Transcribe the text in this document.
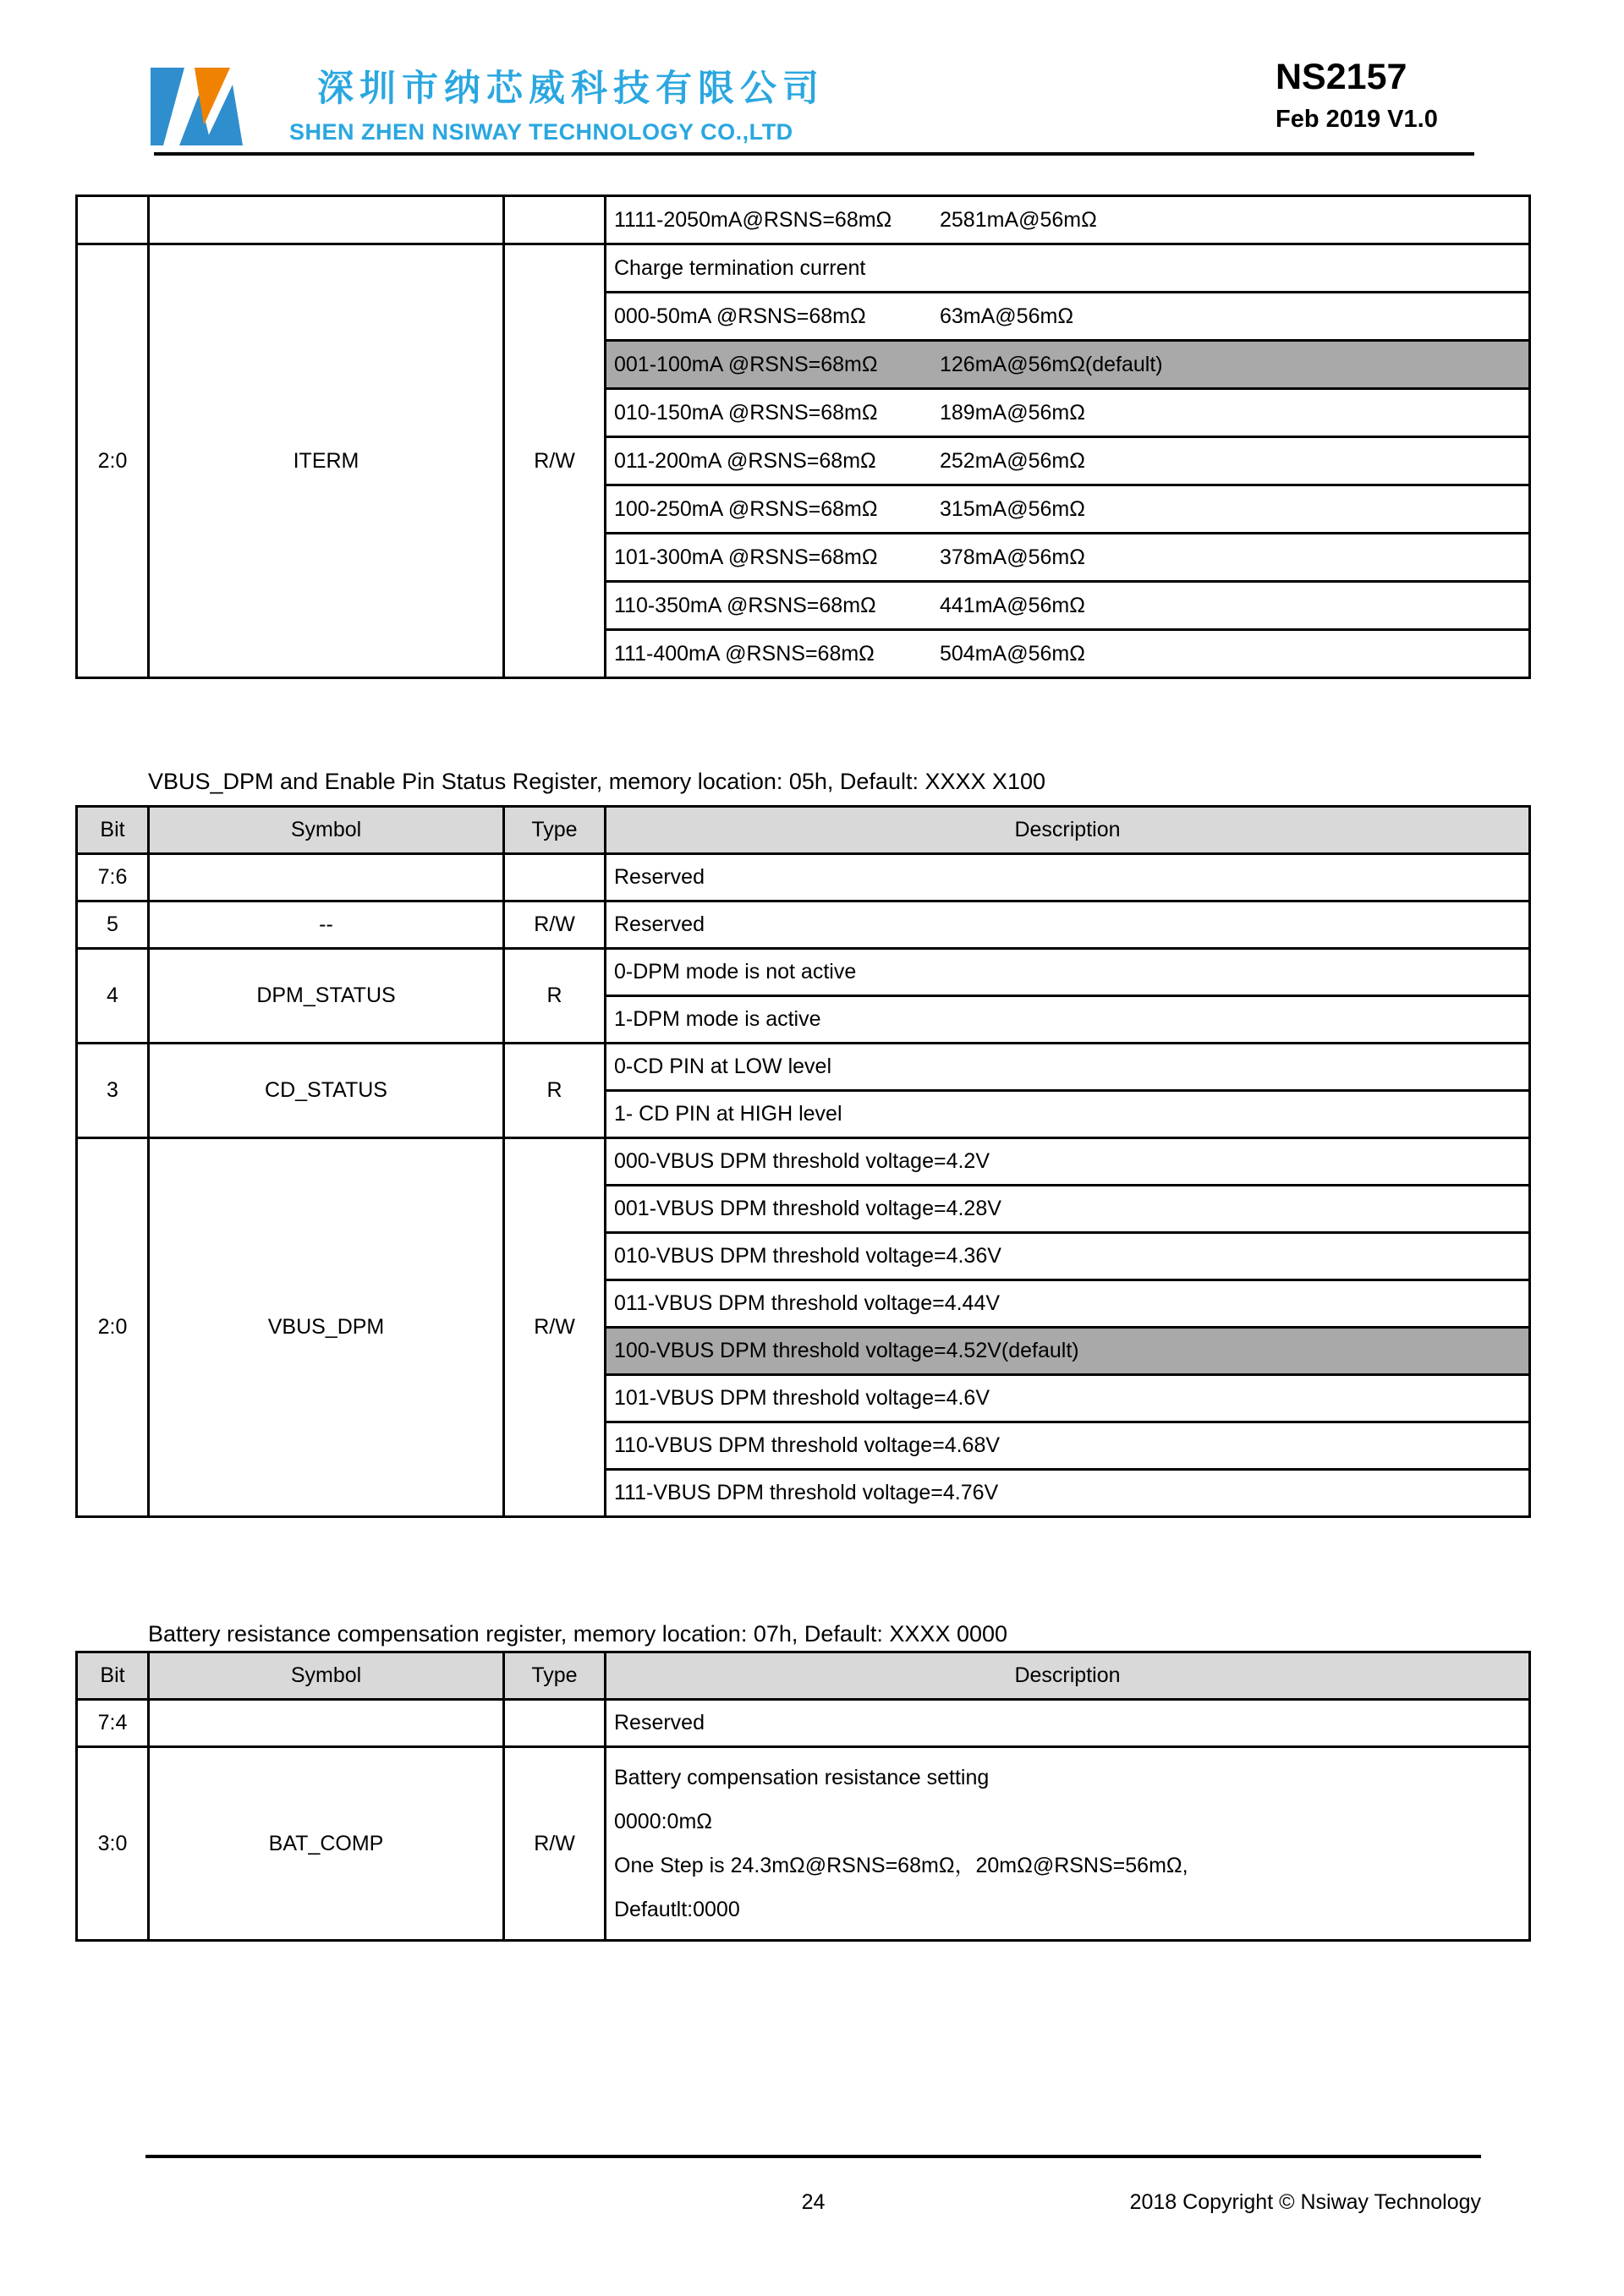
深圳市纳芯威科技有限公司
SHEN ZHEN NSIWAY TECHNOLOGY CO.,LTD
NS2157
Feb 2019 V1.0
			1111-2050mA@RSNS=68mΩ 2581mA@56mΩ
2:0	ITERM	R/W	Charge termination current
			000-50mA @RSNS=68mΩ 63mA@56mΩ
			001-100mA @RSNS=68mΩ 126mA@56mΩ(default)
			010-150mA @RSNS=68mΩ 189mA@56mΩ
			011-200mA @RSNS=68mΩ 252mA@56mΩ
			100-250mA @RSNS=68mΩ 315mA@56mΩ
			101-300mA @RSNS=68mΩ 378mA@56mΩ
			110-350mA @RSNS=68mΩ 441mA@56mΩ
			111-400mA @RSNS=68mΩ 504mA@56mΩ
VBUS_DPM and Enable Pin Status Register, memory location: 05h, Default: XXXX X100
Bit	Symbol	Type	Description
7:6			Reserved
5	--	R/W	Reserved
4	DPM_STATUS	R	0-DPM mode is not active
			1-DPM mode is active
3	CD_STATUS	R	0-CD PIN at LOW level
			1- CD PIN at HIGH level
2:0	VBUS_DPM	R/W	000-VBUS DPM threshold voltage=4.2V
			001-VBUS DPM threshold voltage=4.28V
			010-VBUS DPM threshold voltage=4.36V
			011-VBUS DPM threshold voltage=4.44V
			100-VBUS DPM threshold voltage=4.52V(default)
			101-VBUS DPM threshold voltage=4.6V
			110-VBUS DPM threshold voltage=4.68V
			111-VBUS DPM threshold voltage=4.76V
Battery resistance compensation register, memory location: 07h, Default: XXXX 0000
Bit	Symbol	Type	Description
7:4			Reserved
3:0	BAT_COMP	R/W	Battery compensation resistance setting
0000:0mΩ
One Step is 24.3mΩ@RSNS=68mΩ，20mΩ@RSNS=56mΩ,
Defautlt:0000
24	2018 Copyright © Nsiway Technology
